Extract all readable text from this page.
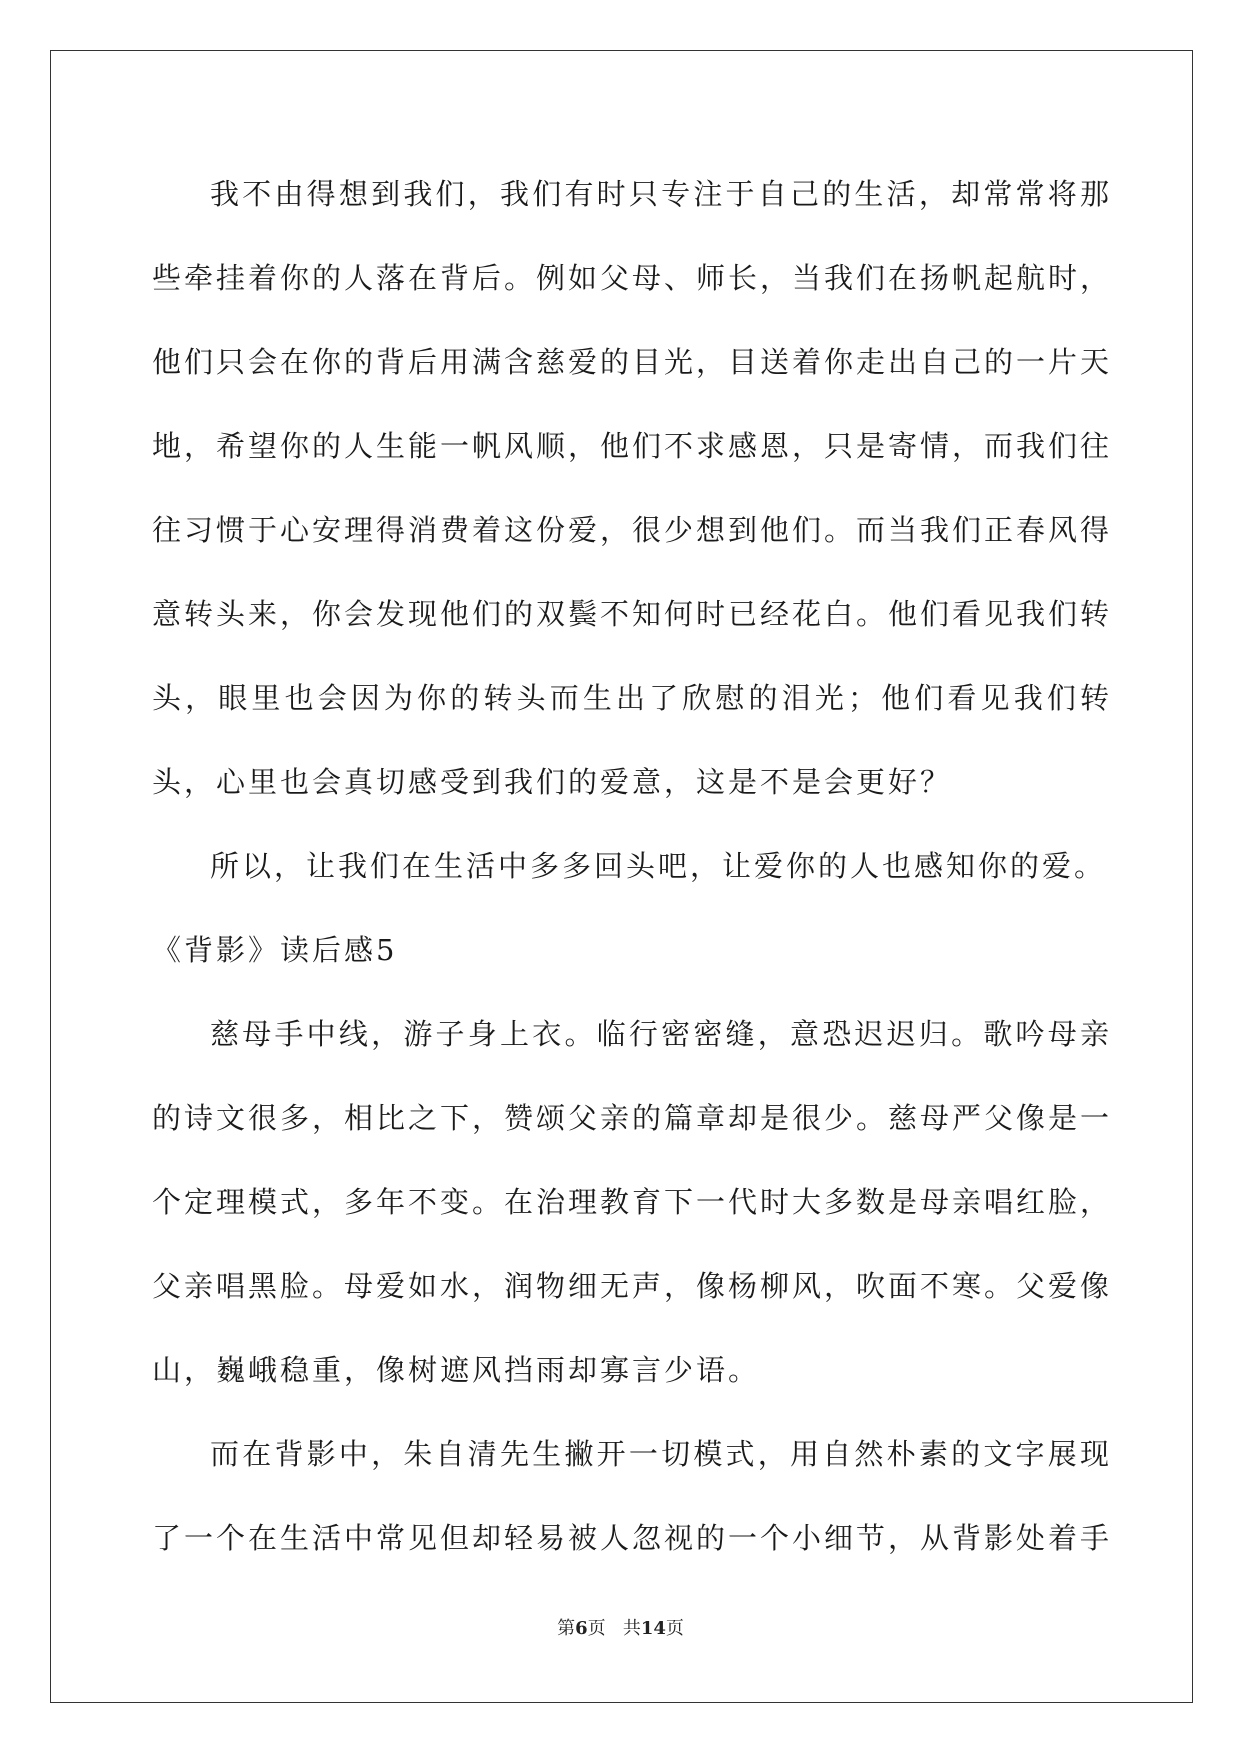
我不由得想到我们，我们有时只专注于自己的生活，却常常将那些牵挂着你的人落在背后。例如父母、师长，当我们在扬帆起航时，他们只会在你的背后用满含慈爱的目光，目送着你走出自己的一片天地，希望你的人生能一帆风顺，他们不求感恩，只是寄情，而我们往往习惯于心安理得消费着这份爱，很少想到他们。而当我们正春风得意转头来，你会发现他们的双鬓不知何时已经花白。他们看见我们转头，眼里也会因为你的转头而生出了欣慰的泪光；他们看见我们转头，心里也会真切感受到我们的爱意，这是不是会更好？

所以，让我们在生活中多多回头吧，让爱你的人也感知你的爱。

《背影》读后感5

慈母手中线，游子身上衣。临行密密缝，意恐迟迟归。歌吟母亲的诗文很多，相比之下，赞颂父亲的篇章却是很少。慈母严父像是一个定理模式，多年不变。在治理教育下一代时大多数是母亲唱红脸，父亲唱黑脸。母爱如水，润物细无声，像杨柳风，吹面不寒。父爱像山，巍峨稳重，像树遮风挡雨却寡言少语。

而在背影中，朱自清先生撇开一切模式，用自然朴素的文字展现了一个在生活中常见但却轻易被人忽视的一个小细节，从背影处着手

第6页 共14页
